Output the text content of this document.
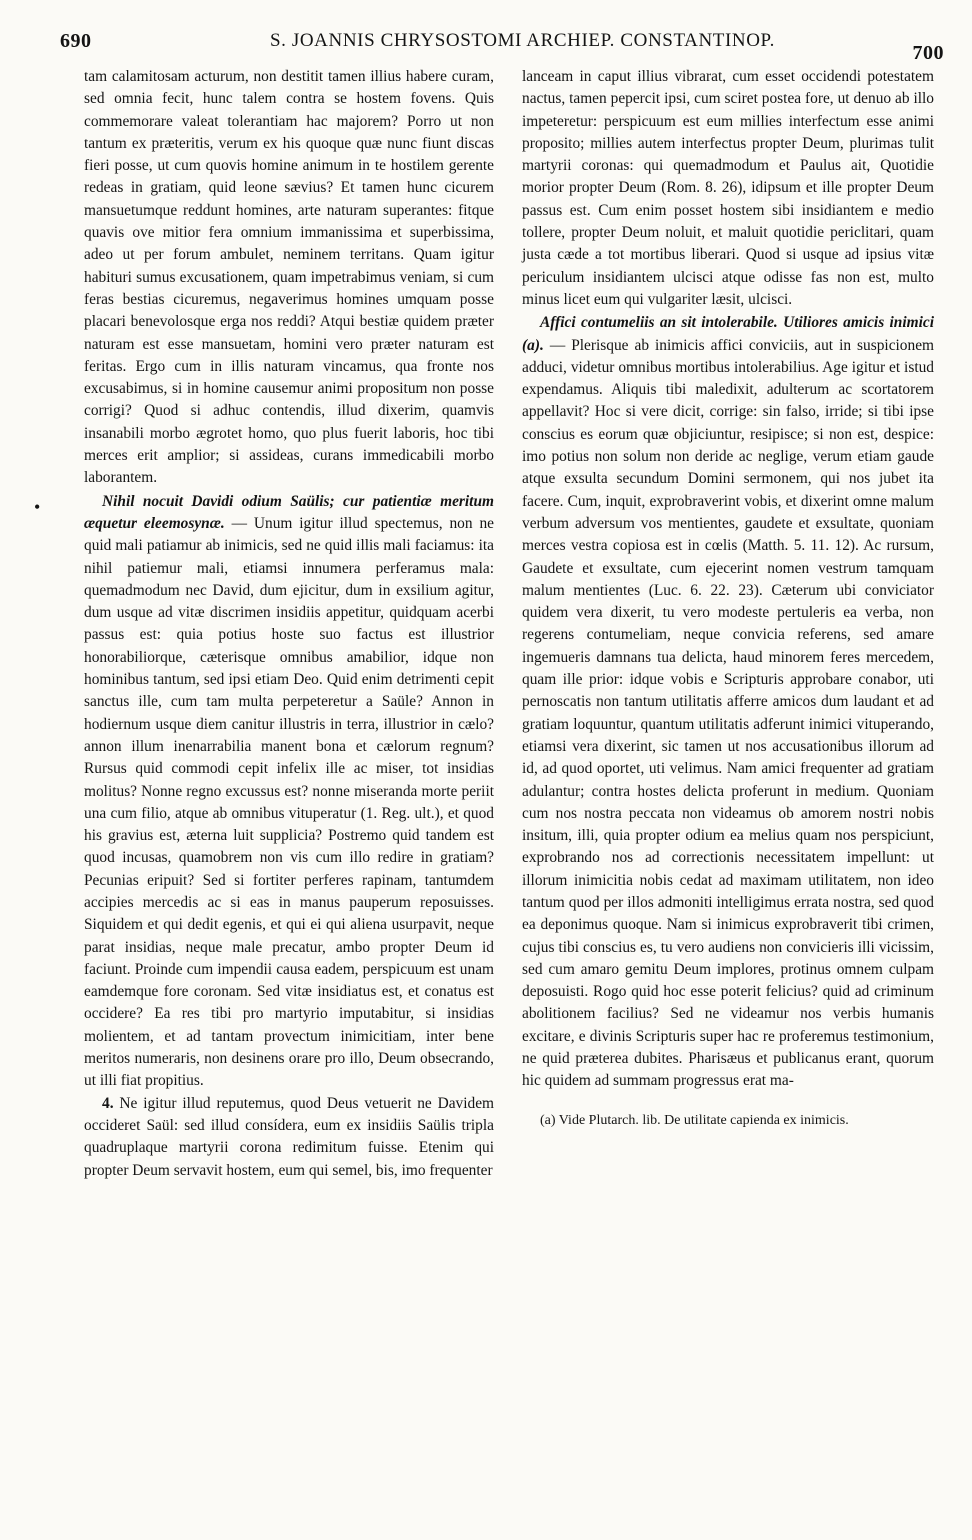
690	S. JOANNIS CHRYSOSTOMI ARCHIEP. CONSTANTINOP.
700
•

tam calamitosam acturum, non destitit tamen illius habere curam, sed omnia fecit, hunc talem contra se hostem fovens. Quis commemorare valeat tolerantiam hac majorem? Porro ut non tantum ex præteritis, verum ex his quoque quæ nunc fiunt discas fieri posse, ut cum quovis homine animum in te hostilem gerente redeas in gratiam, quid leone sævius? Et tamen hunc cicurem mansuetumque reddunt homines, arte naturam superantes: fitque quavis ove mitior fera omnium immanissima et superbissima, adeo ut per forum ambulet, neminem territans. Quam igitur habituri sumus excusationem, quam impetrabimus veniam, si cum feras bestias cicuremus, negaverimus homines umquam posse placari benevolosque erga nos reddi? Atqui bestiæ quidem præter naturam est esse mansuetam, homini vero præter naturam est feritas. Ergo cum in illis naturam vincamus, qua fronte nos excusabimus, si in homine causemur animi propositum non posse corrigi? Quod si adhuc contendis, illud dixerim, quamvis insanabili morbo ægrotet homo, quo plus fuerit laboris, hoc tibi merces erit amplior; si assideas, curans immedicabili morbo laborantem.

Nihil nocuit Davidi odium Saülis; cur patientiæ meritum æquetur eleemosynæ. — Unum igitur illud spectemus, non ne quid mali patiamur ab inimicis, sed ne quid illis mali faciamus: ita nihil patiemur mali, etiamsi innumera perferamus mala: quemadmodum nec David, dum ejicitur, dum in exsilium agitur, dum usque ad vitæ discrimen insidiis appetitur, quidquam acerbi passus est: quia potius hoste suo factus est illustrior honorabiliorque, cæterisque omnibus amabilior, idque non hominibus tantum, sed ipsi etiam Deo. Quid enim detrimenti cepit sanctus ille, cum tam multa perpeteretur a Saüle? Annon in hodiernum usque diem canitur illustris in terra, illustrior in cælo? annon illum inenarrabilia manent bona et cælorum regnum? Rursus quid commodi cepit infelix ille ac miser, tot insidias molitus? Nonne regno excussus est? nonne miseranda morte periit una cum filio, atque ab omnibus vituperatur (1. Reg. ult.), et quod his gravius est, æterna luit supplicia? Postremo quid tandem est quod incusas, quamobrem non vis cum illo redire in gratiam? Pecunias eripuit? Sed si fortiter perferes rapinam, tantumdem accipies mercedis ac si eas in manus pauperum reposuisses. Siquidem et qui dedit egenis, et qui ei qui aliena usurpavit, neque parat insidias, neque male precatur, ambo propter Deum id faciunt. Proinde cum impendii causa eadem, perspicuum est unam eamdemque fore coronam. Sed vitæ insidiatus est, et conatus est occidere? Ea res tibi pro martyrio imputabitur, si insidias molientem, et ad tantam provectum inimicitiam, inter bene meritos numeraris, non desinens orare pro illo, Deum obsecrando, ut illi fiat propitius.

4. Ne igitur illud reputemus, quod Deus vetuerit ne Davidem occideret Saül: sed illud consídera, eum ex insidiis Saülis tripla quadruplaque martyrii corona redimitum fuisse. Etenim qui propter Deum servavit hostem, eum qui semel, bis, imo frequenter

lanceam in caput illius vibrarat, cum esset occidendi potestatem nactus, tamen pepercit ipsi, cum sciret postea fore, ut denuo ab illo impeteretur: perspicuum est eum millies interfectum esse animi proposito; millies autem interfectus propter Deum, plurimas tulit martyrii coronas: qui quemadmodum et Paulus ait, Quotidie morior propter Deum (Rom. 8. 26), idipsum et ille propter Deum passus est. Cum enim posset hostem sibi insidiantem e medio tollere, propter Deum noluit, et maluit quotidie periclitari, quam justa cæde a tot mortibus liberari. Quod si usque ad ipsius vitæ periculum insidiantem ulcisci atque odisse fas non est, multo minus licet eum qui vulgariter læsit, ulcisci.

Affici contumeliis an sit intolerabile. Utiliores amicis inimici (a). — Plerisque ab inimicis affici conviciis, aut in suspicionem adduci, videtur omnibus mortibus intolerabilius. Age igitur et istud expendamus. Aliquis tibi maledixit, adulterum ac scortatorem appellavit? Hoc si vere dicit, corrige: sin falso, irride; si tibi ipse conscius es eorum quæ objiciuntur, resipisce; si non est, despice: imo potius non solum non deride ac neglige, verum etiam gaude atque exsulta secundum Domini sermonem, qui nos jubet ita facere. Cum, inquit, exprobraverint vobis, et dixerint omne malum verbum adversum vos mentientes, gaudete et exsultate, quoniam merces vestra copiosa est in cœlis (Matth. 5. 11. 12). Ac rursum, Gaudete et exsultate, cum ejecerint nomen vestrum tamquam malum mentientes (Luc. 6. 22. 23). Cæterum ubi conviciator quidem vera dixerit, tu vero modeste pertuleris ea verba, non regerens contumeliam, neque convicia referens, sed amare ingemueris damnans tua delicta, haud minorem feres mercedem, quam ille prior: idque vobis e Scripturis approbare conabor, uti pernoscatis non tantum utilitatis afferre amicos dum laudant et ad gratiam loquuntur, quantum utilitatis adferunt inimici vituperando, etiamsi vera dixerint, sic tamen ut nos accusationibus illorum ad id, ad quod oportet, uti velimus. Nam amici frequenter ad gratiam adulantur; contra hostes delicta proferunt in medium. Quoniam cum nos nostra peccata non videamus ob amorem nostri nobis insitum, illi, quia propter odium ea melius quam nos perspiciunt, exprobrando nos ad correctionis necessitatem impellunt: ut illorum inimicitia nobis cedat ad maximam utilitatem, non ideo tantum quod per illos admoniti intelligimus errata nostra, sed quod ea deponimus quoque. Nam si inimicus exprobraverit tibi crimen, cujus tibi conscius es, tu vero audiens non convicieris illi vicissim, sed cum amaro gemitu Deum implores, protinus omnem culpam deposuisti. Rogo quid hoc esse poterit felicius? quid ad criminum abolitionem facilius? Sed ne videamur nos verbis humanis excitare, e divinis Scripturis super hac re proferemus testimonium, ne quid præterea dubites. Pharisæus et publicanus erant, quorum hic quidem ad summam progressus erat ma-

(a) Vide Plutarch. lib. De utilitate capienda ex inimicis.
